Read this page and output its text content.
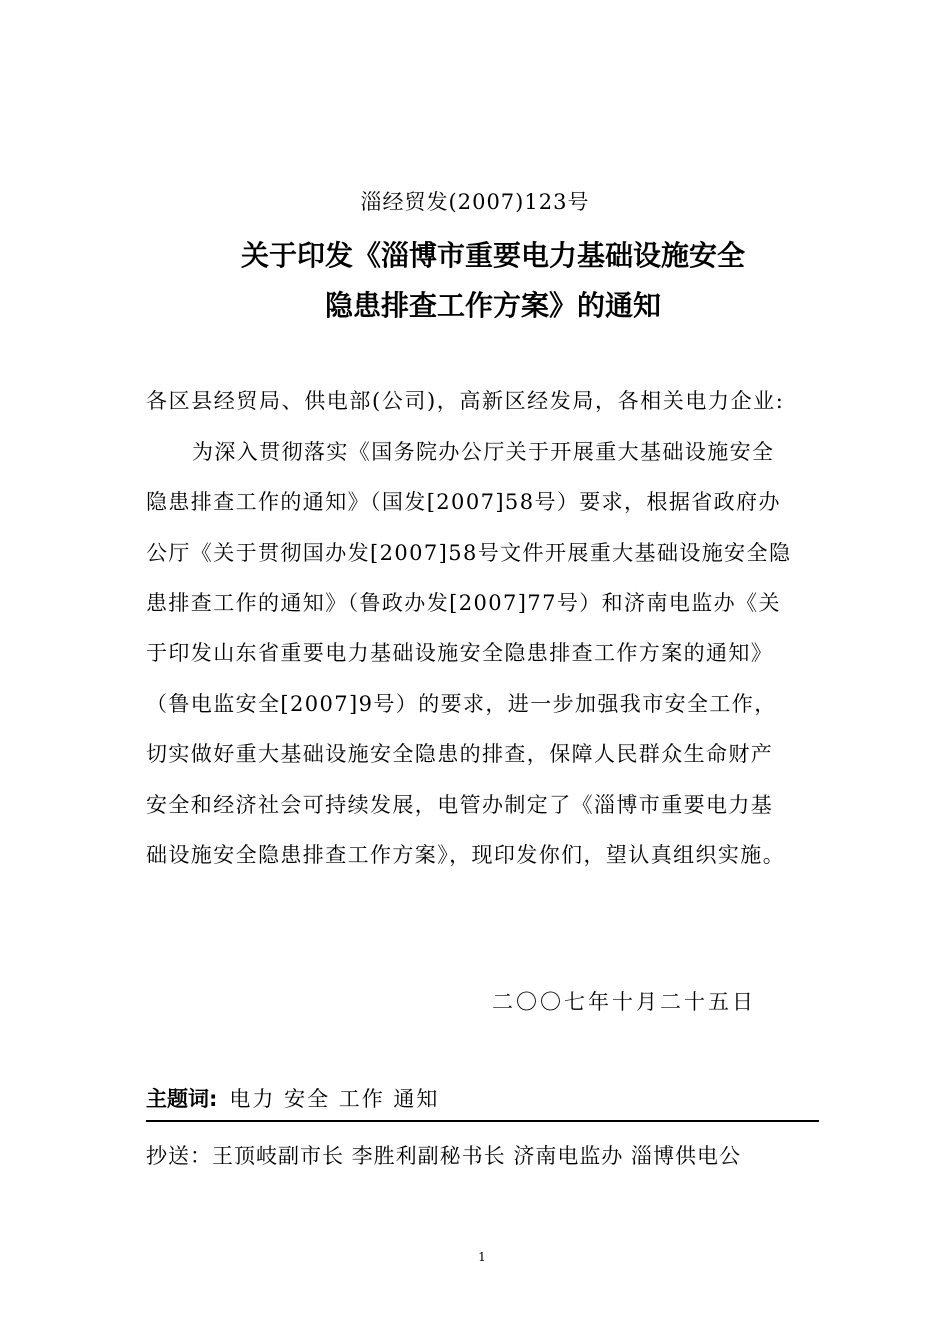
淄经贸发(2007)123号
关于印发《淄博市重要电力基础设施安全
隐患排查工作方案》的通知
各区县经贸局、供电部(公司)，高新区经发局，各相关电力企业:
为深入贯彻落实《国务院办公厅关于开展重大基础设施安全
隐患排查工作的通知》（国发[2007]58号）要求，根据省政府办
公厅《关于贯彻国办发[2007]58号文件开展重大基础设施安全隐
患排查工作的通知》（鲁政办发[2007]77号）和济南电监办《关
于印发山东省重要电力基础设施安全隐患排查工作方案的通知》
（鲁电监安全[2007]9号）的要求，进一步加强我市安全工作，
切实做好重大基础设施安全隐患的排查，保障人民群众生命财产
安全和经济社会可持续发展，电管办制定了《淄博市重要电力基
础设施安全隐患排查工作方案》，现印发你们，望认真组织实施。
二〇〇七年十月二十五日
主题词: 电力 安全 工作 通知
抄送：王顶岐副市长 李胜利副秘书长 济南电监办 淄博供电公
1
